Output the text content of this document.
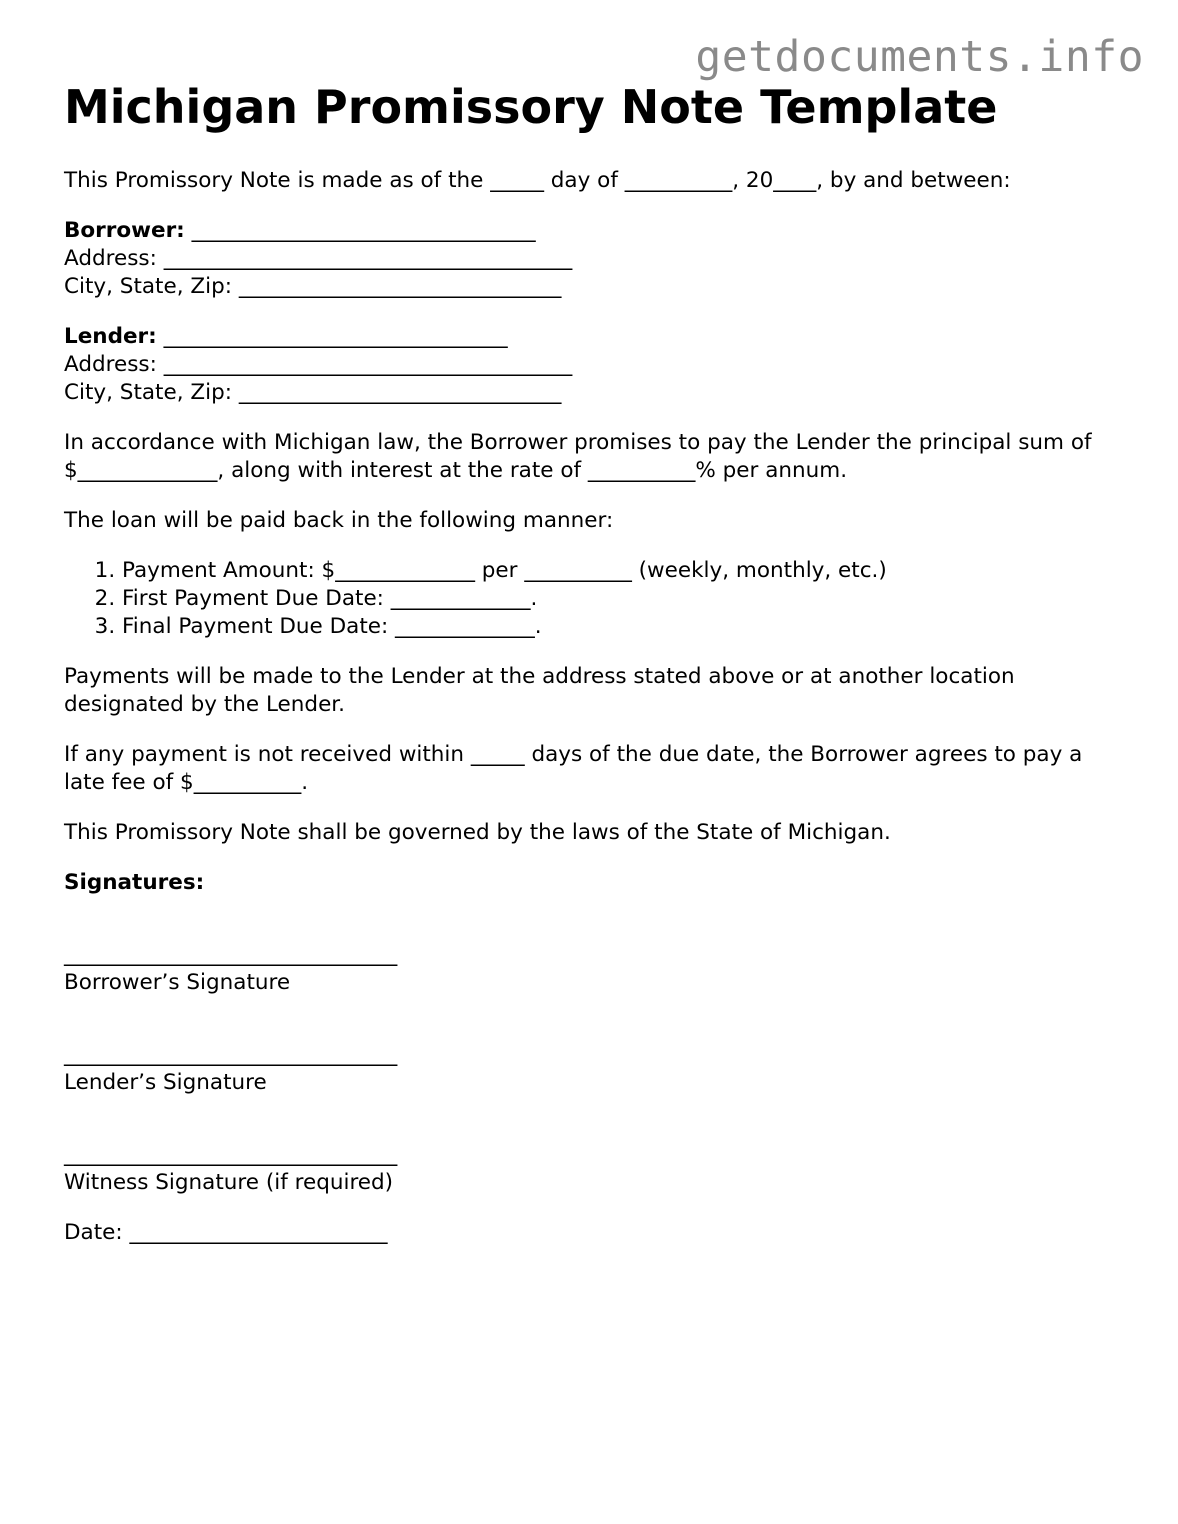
getdocuments.info
Michigan Promissory Note Template

This Promissory Note is made as of the _____ day of __________, 20____, by and between:

Borrower: ________________________________
Address: ______________________________________
City, State, Zip: ______________________________

Lender: ________________________________
Address: ______________________________________
City, State, Zip: ______________________________

In accordance with Michigan law, the Borrower promises to pay the Lender the principal sum of $_____________, along with interest at the rate of __________% per annum.

The loan will be paid back in the following manner:

1. Payment Amount: $_____________ per __________ (weekly, monthly, etc.)
2. First Payment Due Date: _____________.
3. Final Payment Due Date: _____________.

Payments will be made to the Lender at the address stated above or at another location designated by the Lender.

If any payment is not received within _____ days of the due date, the Borrower agrees to pay a late fee of $__________.

This Promissory Note shall be governed by the laws of the State of Michigan.

Signatures:

_______________________________
Borrower’s Signature
_______________________________
Lender’s Signature
_______________________________
Witness Signature (if required)
Date: ________________________
